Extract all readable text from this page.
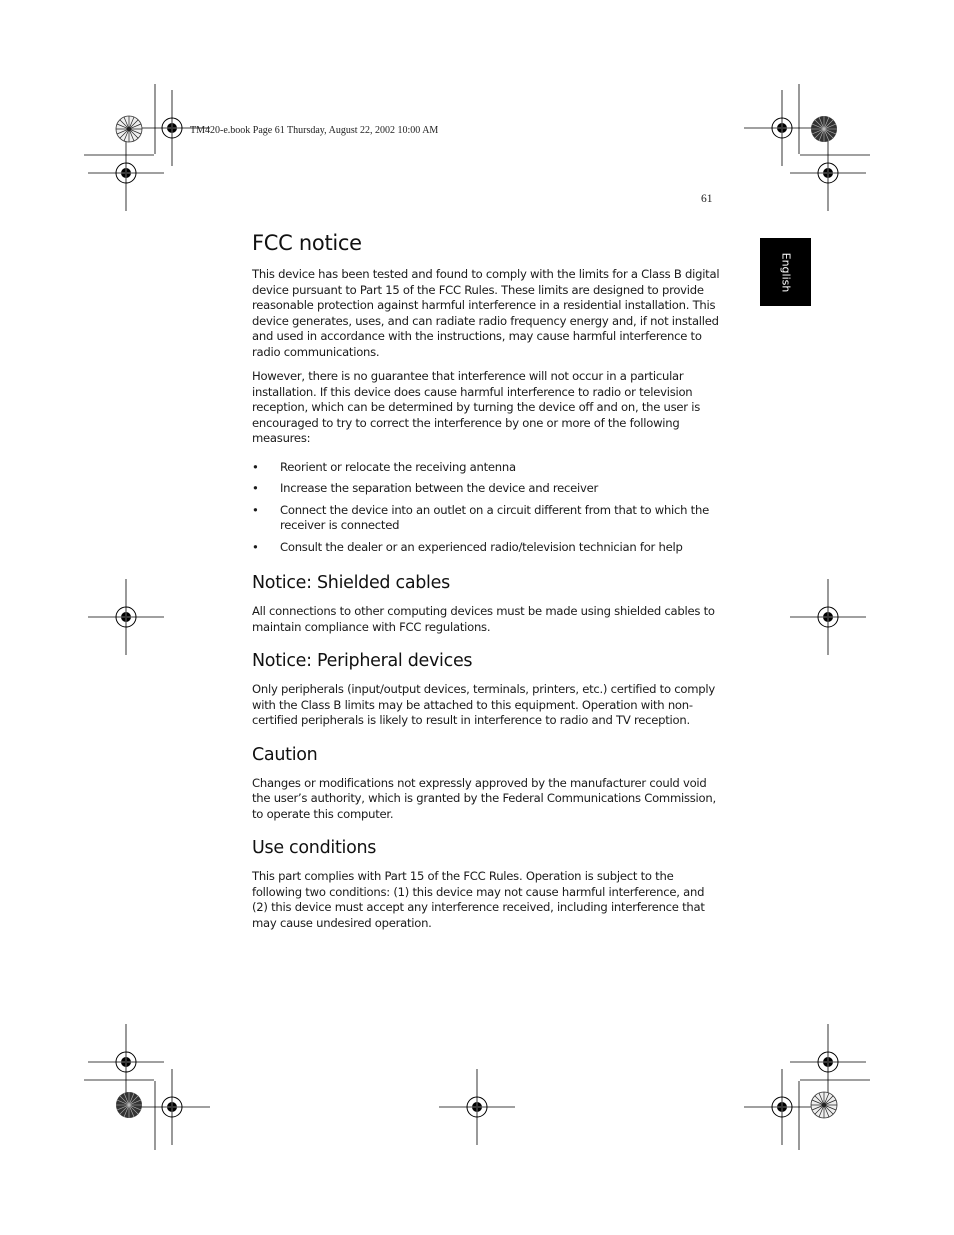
TM420-e.book Page 61 Thursday, August 22, 2002 10:00 AM
61
English
FCC notice

This device has been tested and found to comply with the limits for a Class B digital device pursuant to Part 15 of the FCC Rules. These limits are designed to provide reasonable protection against harmful interference in a residential installation. This device generates, uses, and can radiate radio frequency energy and, if not installed and used in accordance with the instructions, may cause harmful interference to radio communications.

However, there is no guarantee that interference will not occur in a particular installation. If this device does cause harmful interference to radio or television reception, which can be determined by turning the device off and on, the user is encouraged to try to correct the interference by one or more of the following measures:

• Reorient or relocate the receiving antenna
• Increase the separation between the device and receiver
• Connect the device into an outlet on a circuit different from that to which the receiver is connected
• Consult the dealer or an experienced radio/television technician for help
Notice: Shielded cables

All connections to other computing devices must be made using shielded cables to maintain compliance with FCC regulations.

Notice: Peripheral devices

Only peripherals (input/output devices, terminals, printers, etc.) certified to comply with the Class B limits may be attached to this equipment. Operation with non-certified peripherals is likely to result in interference to radio and TV reception.

Caution

Changes or modifications not expressly approved by the manufacturer could void the user’s authority, which is granted by the Federal Communications Commission, to operate this computer.

Use conditions

This part complies with Part 15 of the FCC Rules. Operation is subject to the following two conditions: (1) this device may not cause harmful interference, and (2) this device must accept any interference received, including interference that may cause undesired operation.
